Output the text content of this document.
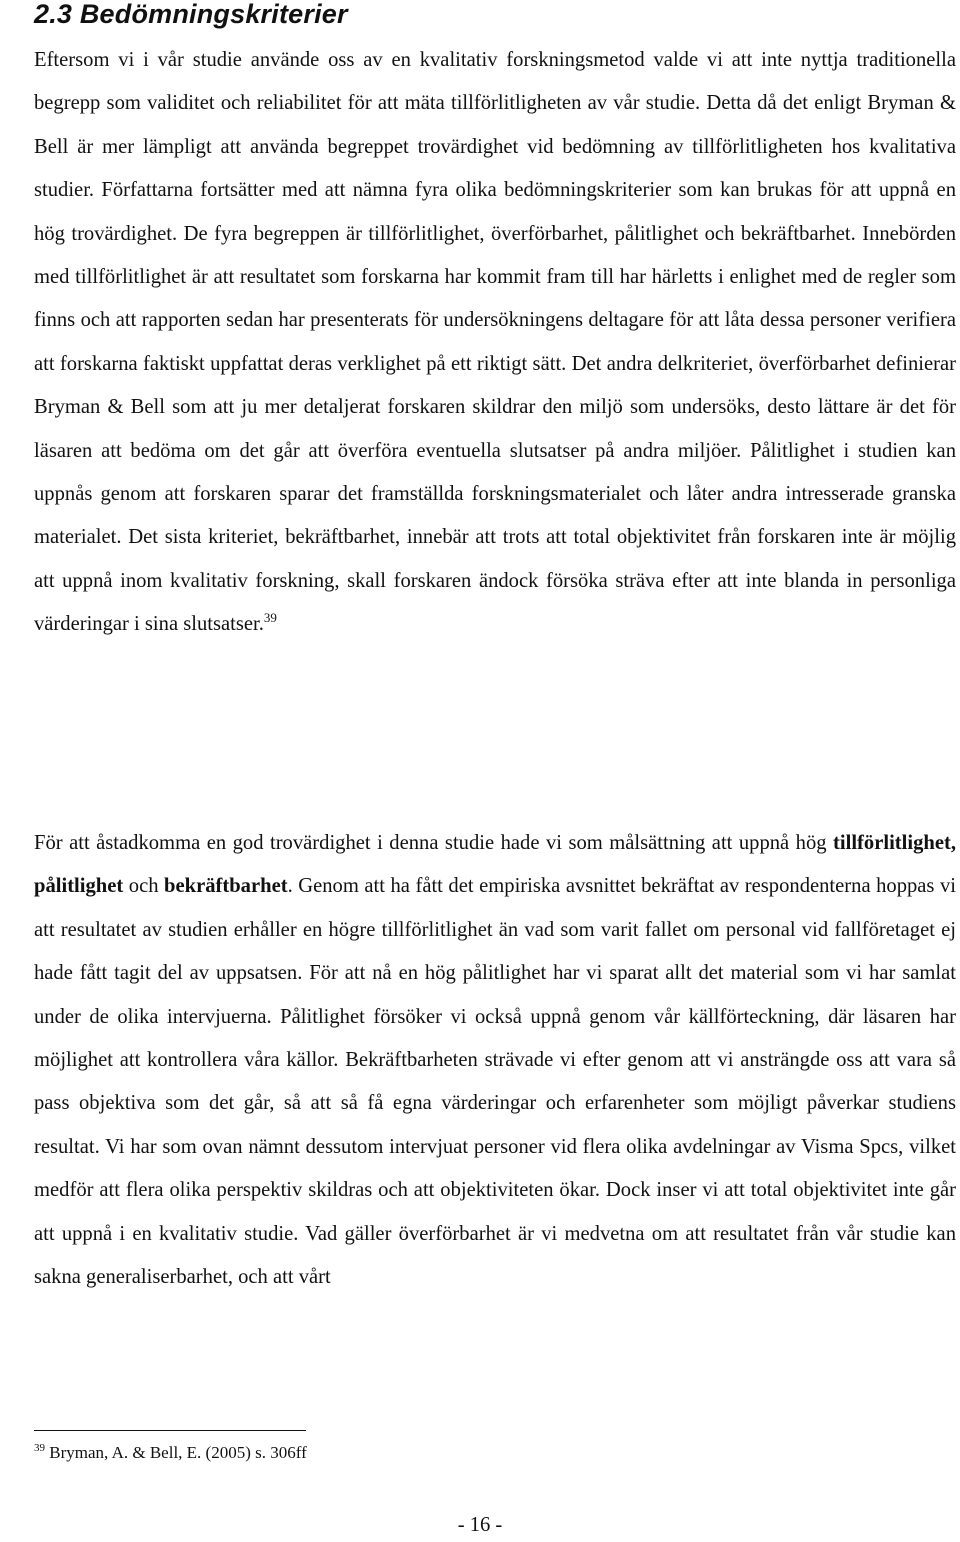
2.3 Bedömningskriterier

Eftersom vi i vår studie använde oss av en kvalitativ forskningsmetod valde vi att inte nyttja traditionella begrepp som validitet och reliabilitet för att mäta tillförlitligheten av vår studie. Detta då det enligt Bryman & Bell är mer lämpligt att använda begreppet trovärdighet vid bedömning av tillförlitligheten hos kvalitativa studier. Författarna fortsätter med att nämna fyra olika bedömningskriterier som kan brukas för att uppnå en hög trovärdighet. De fyra begreppen är tillförlitlighet, överförbarhet, pålitlighet och bekräftbarhet. Innebörden med tillförlitlighet är att resultatet som forskarna har kommit fram till har härletts i enlighet med de regler som finns och att rapporten sedan har presenterats för undersökningens deltagare för att låta dessa personer verifiera att forskarna faktiskt uppfattat deras verklighet på ett riktigt sätt. Det andra delkriteriet, överförbarhet definierar Bryman & Bell som att ju mer detaljerat forskaren skildrar den miljö som undersöks, desto lättare är det för läsaren att bedöma om det går att överföra eventuella slutsatser på andra miljöer. Pålitlighet i studien kan uppnås genom att forskaren sparar det framställda forskningsmaterialet och låter andra intresserade granska materialet. Det sista kriteriet, bekräftbarhet, innebär att trots att total objektivitet från forskaren inte är möjlig att uppnå inom kvalitativ forskning, skall forskaren ändock försöka sträva efter att inte blanda in personliga värderingar i sina slutsatser.$^{39}$

För att åstadkomma en god trovärdighet i denna studie hade vi som målsättning att uppnå hög tillförlitlighet, pålitlighet och bekräftbarhet. Genom att ha fått det empiriska avsnittet bekräftat av respondenterna hoppas vi att resultatet av studien erhåller en högre tillförlitlighet än vad som varit fallet om personal vid fallföretaget ej hade fått tagit del av uppsatsen. För att nå en hög pålitlighet har vi sparat allt det material som vi har samlat under de olika intervjuerna. Pålitlighet försöker vi också uppnå genom vår källförteckning, där läsaren har möjlighet att kontrollera våra källor. Bekräftbarheten strävade vi efter genom att vi ansträngde oss att vara så pass objektiva som det går, så att så få egna värderingar och erfarenheter som möjligt påverkar studiens resultat. Vi har som ovan nämnt dessutom intervjuat personer vid flera olika avdelningar av Visma Spcs, vilket medför att flera olika perspektiv skildras och att objektiviteten ökar. Dock inser vi att total objektivitet inte går att uppnå i en kvalitativ studie. Vad gäller överförbarhet är vi medvetna om att resultatet från vår studie kan sakna generaliserbarhet, och att vårt

$^{39}$ Bryman, A. & Bell, E. (2005) s. 306ff

- 16 -
